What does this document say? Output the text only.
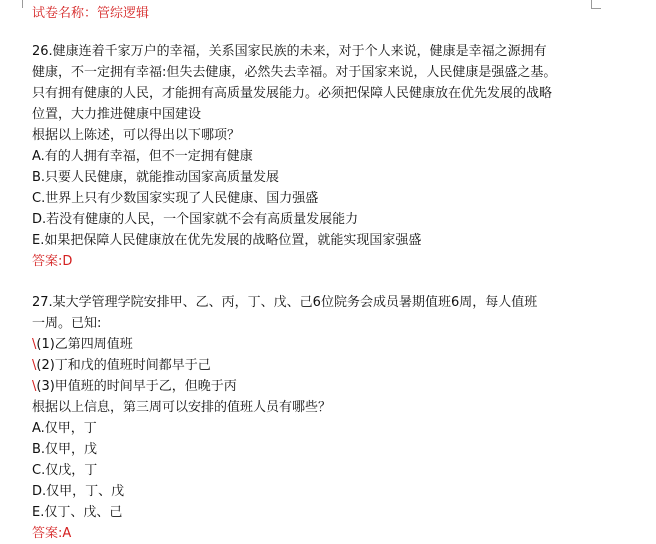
试卷名称：管综逻辑
26.健康连着千家万户的幸福，关系国家民族的未来，对于个人来说，健康是幸福之源拥有
健康，不一定拥有幸福:但失去健康，必然失去幸福。对于国家来说，人民健康是强盛之基。
只有拥有健康的人民，才能拥有高质量发展能力。必须把保障人民健康放在优先发展的战略
位置，大力推进健康中国建设
根据以上陈述，可以得出以下哪项？
A.有的人拥有幸福，但不一定拥有健康
B.只要人民健康，就能推动国家高质量发展
C.世界上只有少数国家实现了人民健康、国力强盛
D.若没有健康的人民，一个国家就不会有高质量发展能力
E.如果把保障人民健康放在优先发展的战略位置，就能实现国家强盛
答案:D
27.某大学管理学院安排甲、乙、丙，丁、戊、己6位院务会成员暑期值班6周，每人值班
一周。已知:
\(1)乙第四周值班
\(2)丁和戊的值班时间都早于己
\(3)甲值班的时间早于乙，但晚于丙
根据以上信息，第三周可以安排的值班人员有哪些？
A.仅甲，丁
B.仅甲，戊
C.仅戊，丁
D.仅甲，丁、戊
E.仅丁、戊、己
答案:A
